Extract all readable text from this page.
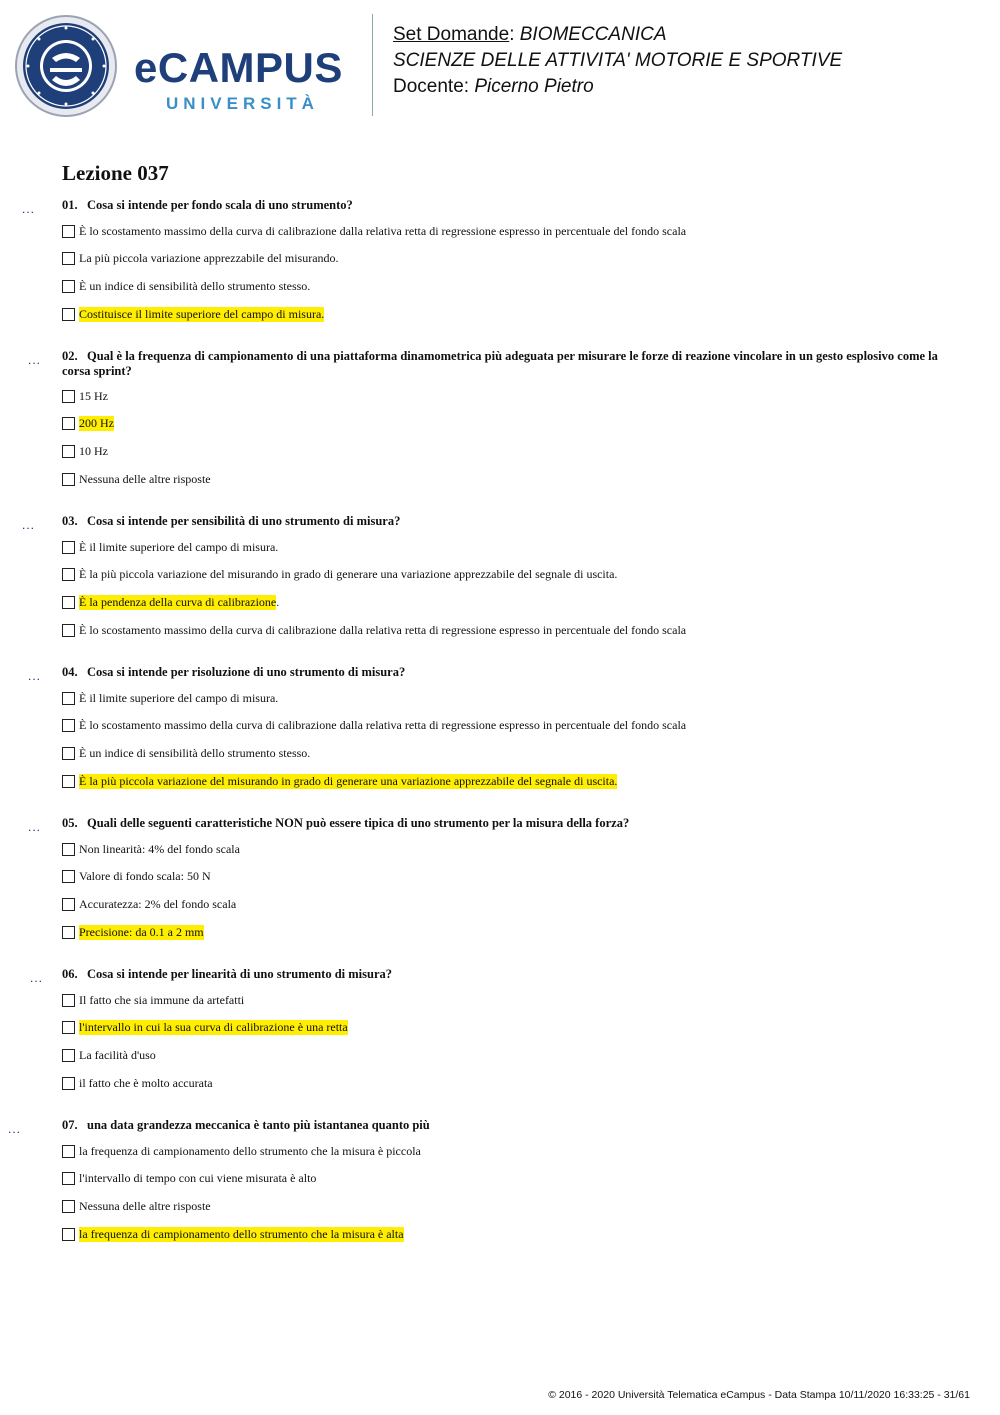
eCAMPUS
UNIVERSITÀ
Set Domande: BIOMECCANICA
SCIENZE DELLE ATTIVITA' MOTORIE E SPORTIVE
Docente: Picerno Pietro
Lezione 037
... 01. Cosa si intende per fondo scala di uno strumento?
È lo scostamento massimo della curva di calibrazione dalla relativa retta di regressione espresso in percentuale del fondo scala
La più piccola variazione apprezzabile del misurando.
È un indice di sensibilità dello strumento stesso.
Costituisce il limite superiore del campo di misura.
... 02. Qual è la frequenza di campionamento di una piattaforma dinamometrica più adeguata per misurare le forze di reazione vincolare in un gesto esplosivo come la corsa sprint?
15 Hz
200 Hz
10 Hz
Nessuna delle altre risposte
... 03. Cosa si intende per sensibilità di uno strumento di misura?
È il limite superiore del campo di misura.
È la più piccola variazione del misurando in grado di generare una variazione apprezzabile del segnale di uscita.
È la pendenza della curva di calibrazione .
È lo scostamento massimo della curva di calibrazione dalla relativa retta di regressione espresso in percentuale del fondo scala
... 04. Cosa si intende per risoluzione di uno strumento di misura?
È il limite superiore del campo di misura.
È lo scostamento massimo della curva di calibrazione dalla relativa retta di regressione espresso in percentuale del fondo scala
È un indice di sensibilità dello strumento stesso.
È la più piccola variazione del misurando in grado di generare una variazione apprezzabile del segnale di uscita.
... 05. Quali delle seguenti caratteristiche NON può essere tipica di uno strumento per la misura della forza?
Non linearità: 4% del fondo scala
Valore di fondo scala: 50 N
Accuratezza: 2% del fondo scala
Precisione: da 0.1 a 2 mm
... 06. Cosa si intende per linearità di uno strumento di misura?
Il fatto che sia immune da artefatti
l'intervallo in cui la sua curva di calibrazione è una retta
La facilità d'uso
il fatto che è molto accurata
...	07. una data grandezza meccanica è tanto più istantanea quanto più
la frequenza di campionamento dello strumento che la misura è piccola
l'intervallo di tempo con cui viene misurata è alto
Nessuna delle altre risposte
la frequenza di campionamento dello strumento che la misura è alta
© 2016 - 2020 Università Telematica eCampus - Data Stampa 10/11/2020 16:33:25 - 31/61
